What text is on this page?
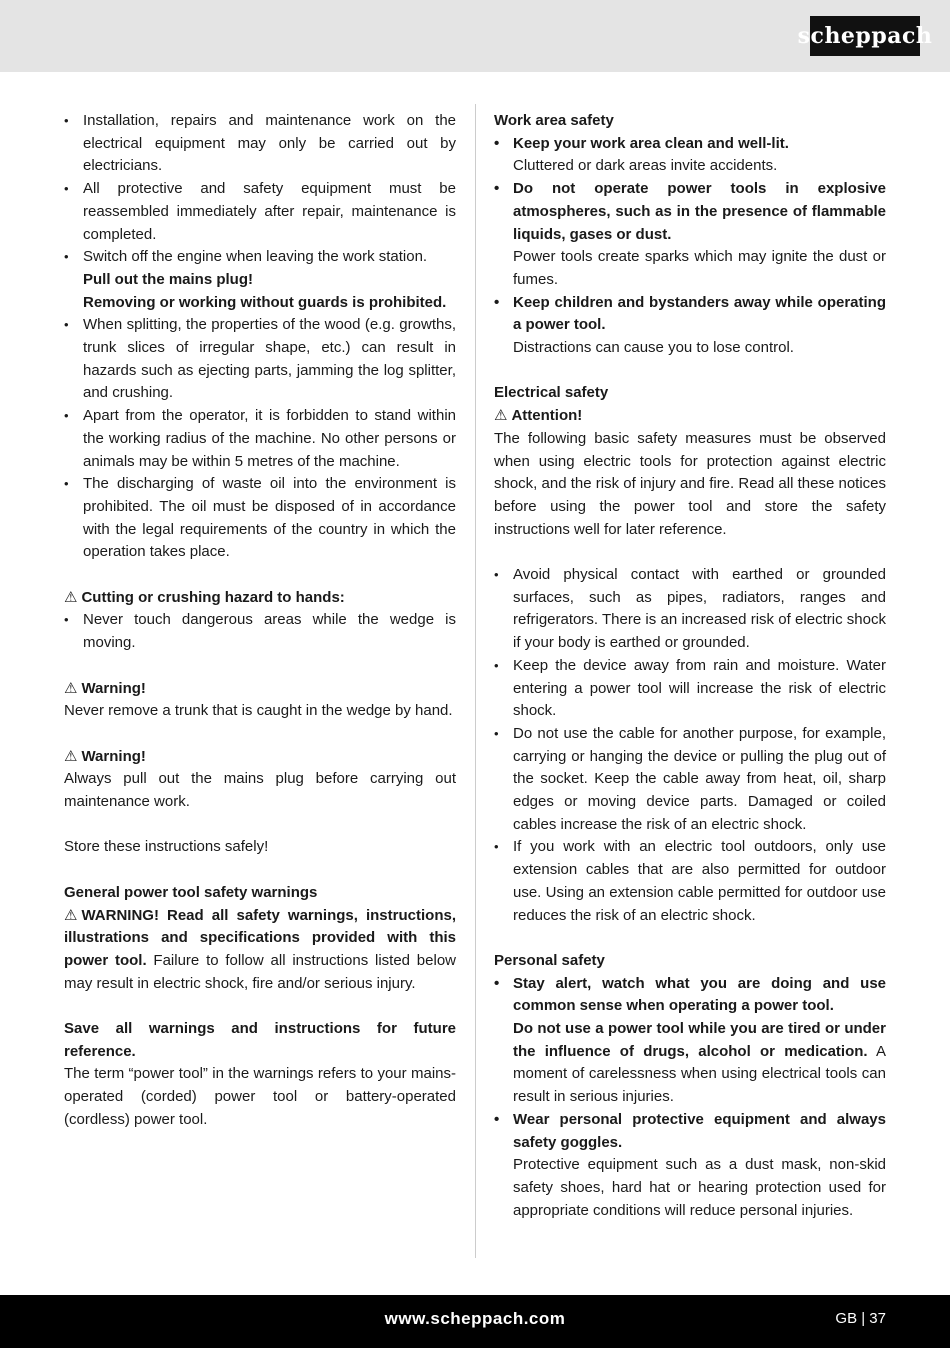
scheppach
• Installation, repairs and maintenance work on the electrical equipment may only be carried out by electricians.
• All protective and safety equipment must be reassembled immediately after repair, maintenance is completed.
• Switch off the engine when leaving the work station.
Pull out the mains plug!
Removing or working without guards is prohibited.
• When splitting, the properties of the wood (e.g. growths, trunk slices of irregular shape, etc.) can result in hazards such as ejecting parts, jamming the log splitter, and crushing.
• Apart from the operator, it is forbidden to stand within the working radius of the machine. No other persons or animals may be within 5 metres of the machine.
• The discharging of waste oil into the environment is prohibited. The oil must be disposed of in accordance with the legal requirements of the country in which the operation takes place.

⚠ Cutting or crushing hazard to hands:

• Never touch dangerous areas while the wedge is moving.

⚠ Warning!

Never remove a trunk that is caught in the wedge by hand.

⚠ Warning!

Always pull out the mains plug before carrying out maintenance work.

Store these instructions safely!

General power tool safety warnings

⚠ WARNING! Read all safety warnings, instructions, illustrations and specifications provided with this power tool. Failure to follow all instructions listed below may result in electric shock, fire and/or serious injury.

Save all warnings and instructions for future reference.

The term “power tool” in the warnings refers to your mains-operated (corded) power tool or battery-operated (cordless) power tool.

Work area safety

• Keep your work area clean and well-lit.
Cluttered or dark areas invite accidents.
• Do not operate power tools in explosive atmospheres, such as in the presence of flammable liquids, gases or dust.
Power tools create sparks which may ignite the dust or fumes.
• Keep children and bystanders away while operating a power tool.
Distractions can cause you to lose control.

Electrical safety

⚠ Attention!

The following basic safety measures must be observed when using electric tools for protection against electric shock, and the risk of injury and fire. Read all these notices before using the power tool and store the safety instructions well for later reference.

• Avoid physical contact with earthed or grounded surfaces, such as pipes, radiators, ranges and refrigerators. There is an increased risk of electric shock if your body is earthed or grounded.
• Keep the device away from rain and moisture. Water entering a power tool will increase the risk of electric shock.
• Do not use the cable for another purpose, for example, carrying or hanging the device or pulling the plug out of the socket. Keep the cable away from heat, oil, sharp edges or moving device parts. Damaged or coiled cables increase the risk of an electric shock.
• If you work with an electric tool outdoors, only use extension cables that are also permitted for outdoor use. Using an extension cable permitted for outdoor use reduces the risk of an electric shock.

Personal safety

• Stay alert, watch what you are doing and use common sense when operating a power tool.
Do not use a power tool while you are tired or under the influence of drugs, alcohol or medication. A moment of carelessness when using electrical tools can result in serious injuries.
• Wear personal protective equipment and always safety goggles.
Protective equipment such as a dust mask, non-skid safety shoes, hard hat or hearing protection used for appropriate conditions will reduce personal injuries.
www.scheppach.com	GB | 37
